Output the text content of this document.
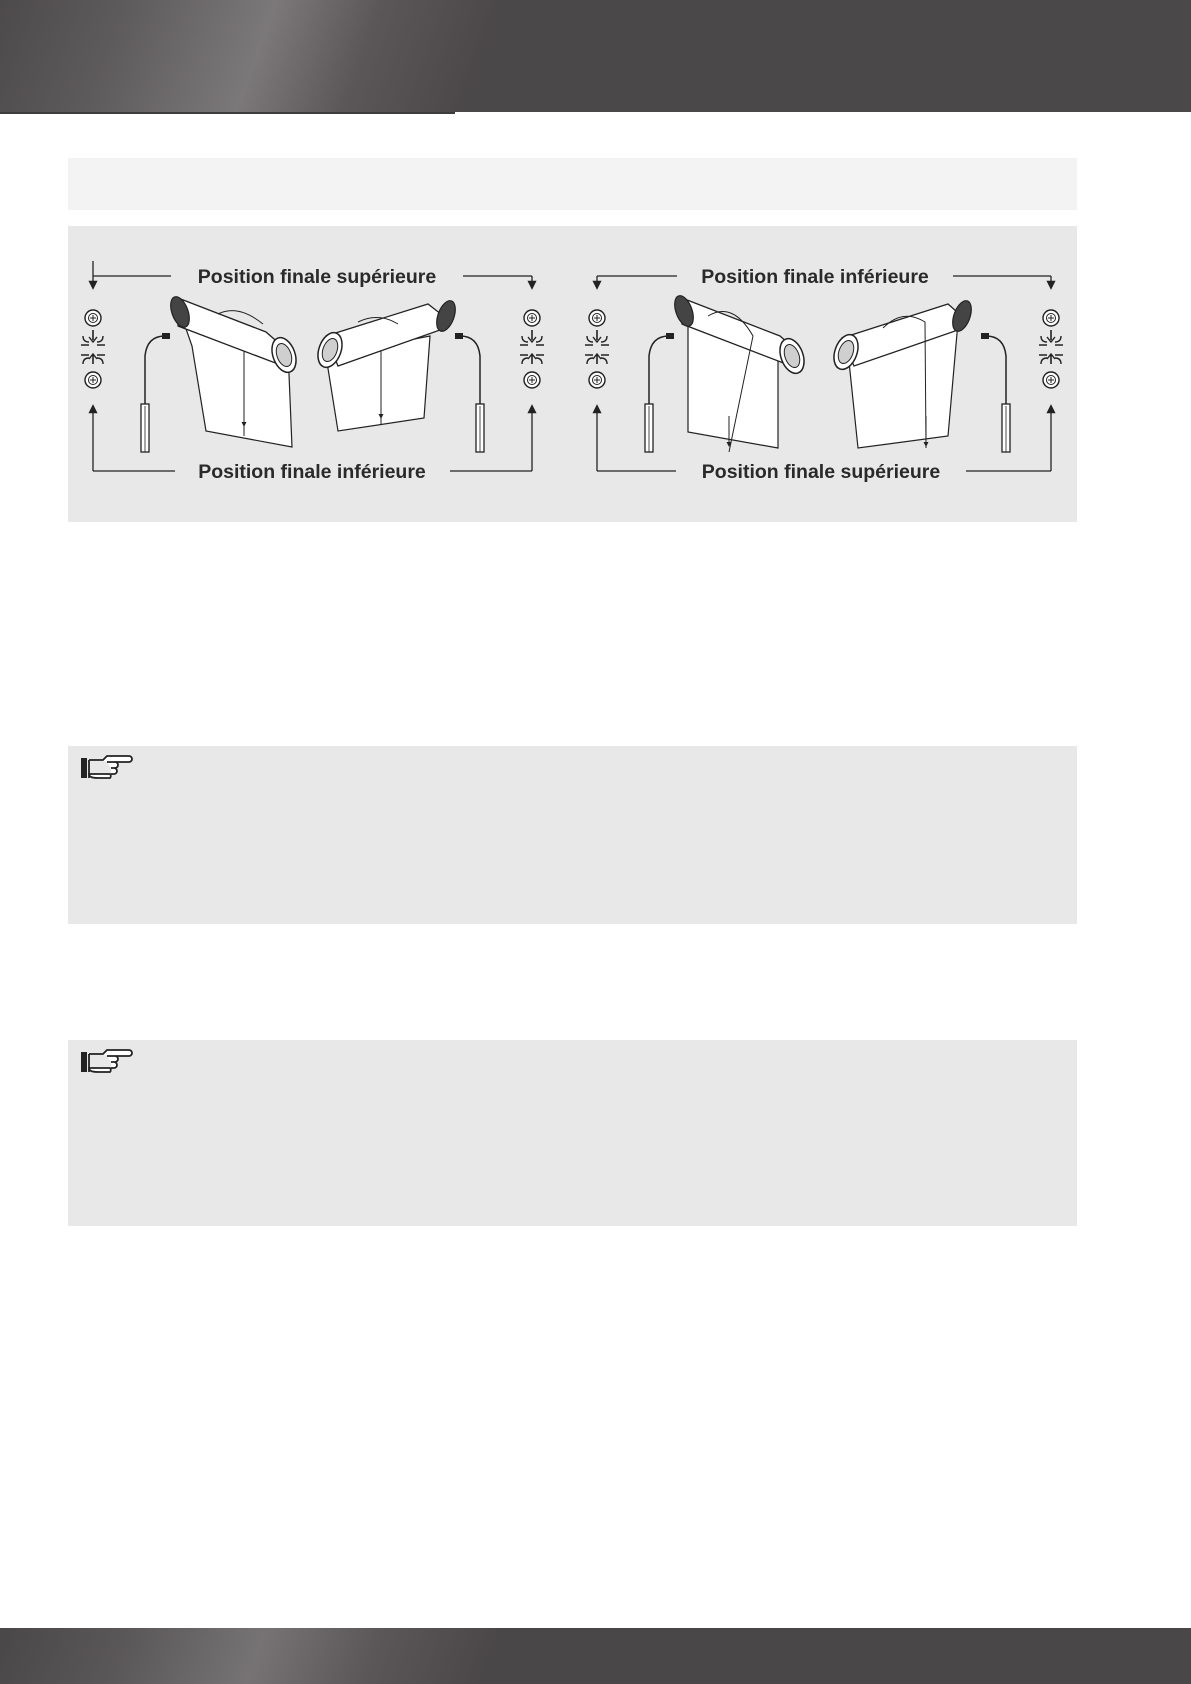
Position finale supérieure
Position finale inférieure
Position finale inférieure
Position finale supérieure
